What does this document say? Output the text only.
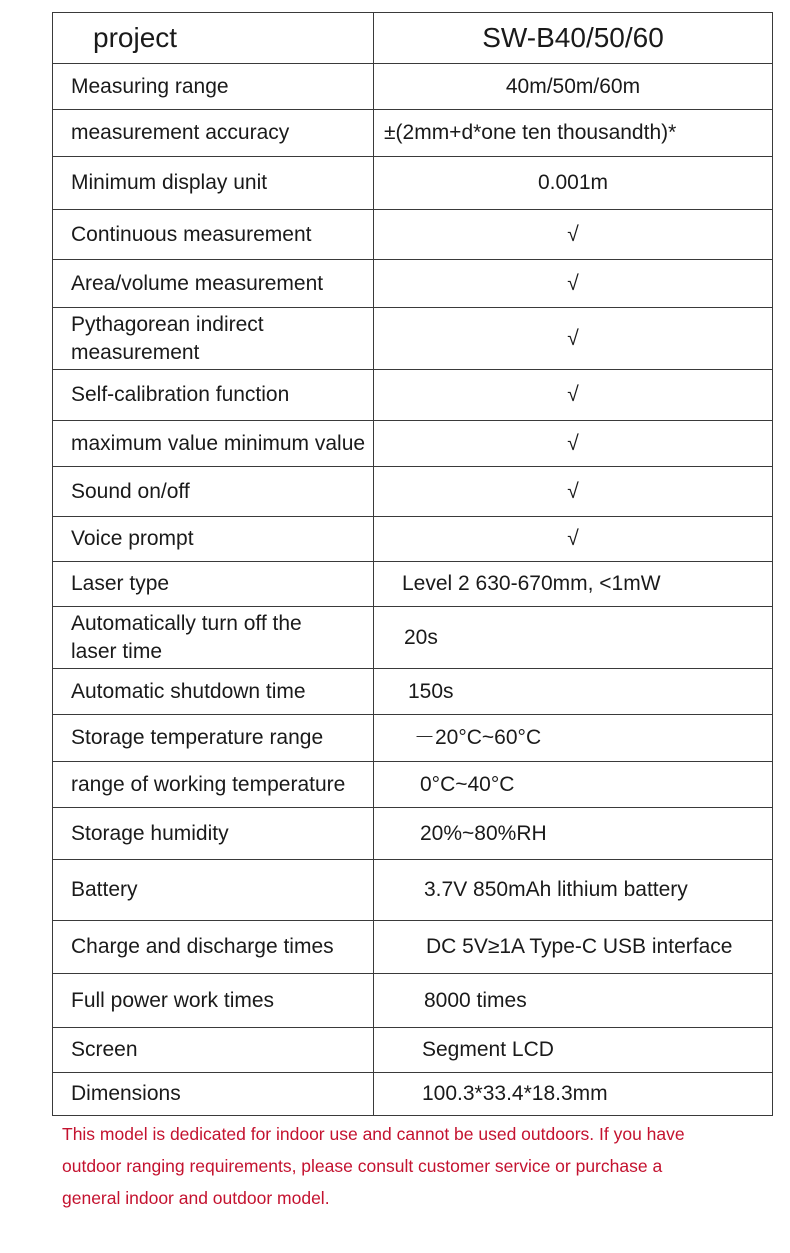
project	SW-B40/50/60
Measuring range	40m/50m/60m
measurement accuracy	±(2mm+d*one ten thousandth)*
Minimum display unit	0.001m
Continuous measurement	√
Area/volume measurement	√
Pythagorean indirect measurement	√
Self-calibration function	√
maximum value minimum value	√
Sound on/off	√
Voice prompt	√
Laser type	Level 2 630-670mm, <1mW
Automatically turn off the laser time	20s
Automatic shutdown time	150s
Storage temperature range	－20°C~60°C
range of working temperature	0°C~40°C
Storage humidity	20%~80%RH
Battery	3.7V 850mAh lithium battery
Charge and discharge times	DC 5V≥1A Type-C USB interface
Full power work times	8000 times
Screen	Segment LCD
Dimensions	100.3*33.4*18.3mm

This model is dedicated for indoor use and cannot be used outdoors. If you have

outdoor ranging requirements, please consult customer service or purchase a

general indoor and outdoor model.
